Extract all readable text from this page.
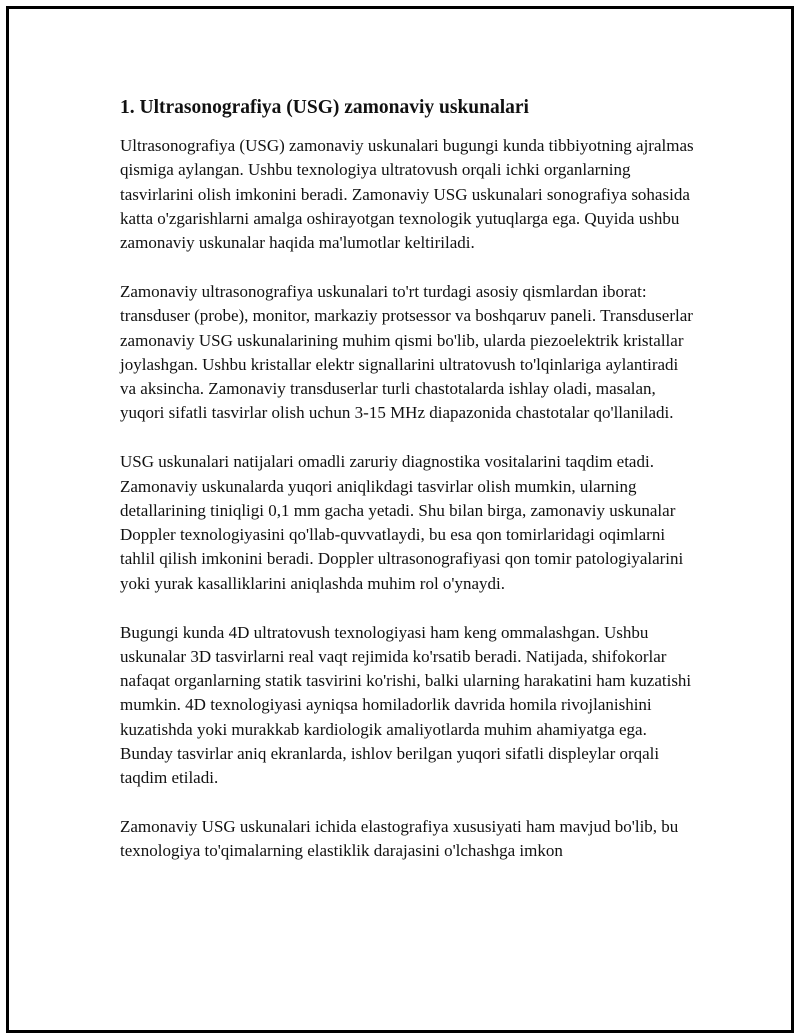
1. Ultrasonografiya (USG) zamonaviy uskunalari

Ultrasonografiya (USG) zamonaviy uskunalari bugungi kunda tibbiyotning ajralmas qismiga aylangan. Ushbu texnologiya ultratovush orqali ichki organlarning tasvirlarini olish imkonini beradi. Zamonaviy USG uskunalari sonografiya sohasida katta o'zgarishlarni amalga oshirayotgan texnologik yutuqlarga ega. Quyida ushbu zamonaviy uskunalar haqida ma'lumotlar keltiriladi.

Zamonaviy ultrasonografiya uskunalari to'rt turdagi asosiy qismlardan iborat: transduser (probe), monitor, markaziy protsessor va boshqaruv paneli. Transduserlar zamonaviy USG uskunalarining muhim qismi bo'lib, ularda piezoelektrik kristallar joylashgan. Ushbu kristallar elektr signallarini ultratovush to'lqinlariga aylantiradi va aksincha. Zamonaviy transduserlar turli chastotalarda ishlay oladi, masalan, yuqori sifatli tasvirlar olish uchun 3-15 MHz diapazonida chastotalar qo'llaniladi.

USG uskunalari natijalari omadli zaruriy diagnostika vositalarini taqdim etadi. Zamonaviy uskunalarda yuqori aniqlikdagi tasvirlar olish mumkin, ularning detallarining tiniqligi 0,1 mm gacha yetadi. Shu bilan birga, zamonaviy uskunalar Doppler texnologiyasini qo'llab-quvvatlaydi, bu esa qon tomirlaridagi oqimlarni tahlil qilish imkonini beradi. Doppler ultrasonografiyasi qon tomir patologiyalarini yoki yurak kasalliklarini aniqlashda muhim rol o'ynaydi.

Bugungi kunda 4D ultratovush texnologiyasi ham keng ommalashgan. Ushbu uskunalar 3D tasvirlarni real vaqt rejimida ko'rsatib beradi. Natijada, shifokorlar nafaqat organlarning statik tasvirini ko'rishi, balki ularning harakatini ham kuzatishi mumkin. 4D texnologiyasi ayniqsa homiladorlik davrida homila rivojlanishini kuzatishda yoki murakkab kardiologik amaliyotlarda muhim ahamiyatga ega. Bunday tasvirlar aniq ekranlarda, ishlov berilgan yuqori sifatli displeylar orqali taqdim etiladi.

Zamonaviy USG uskunalari ichida elastografiya xususiyati ham mavjud bo'lib, bu texnologiya to'qimalarning elastiklik darajasini o'lchashga imkon
